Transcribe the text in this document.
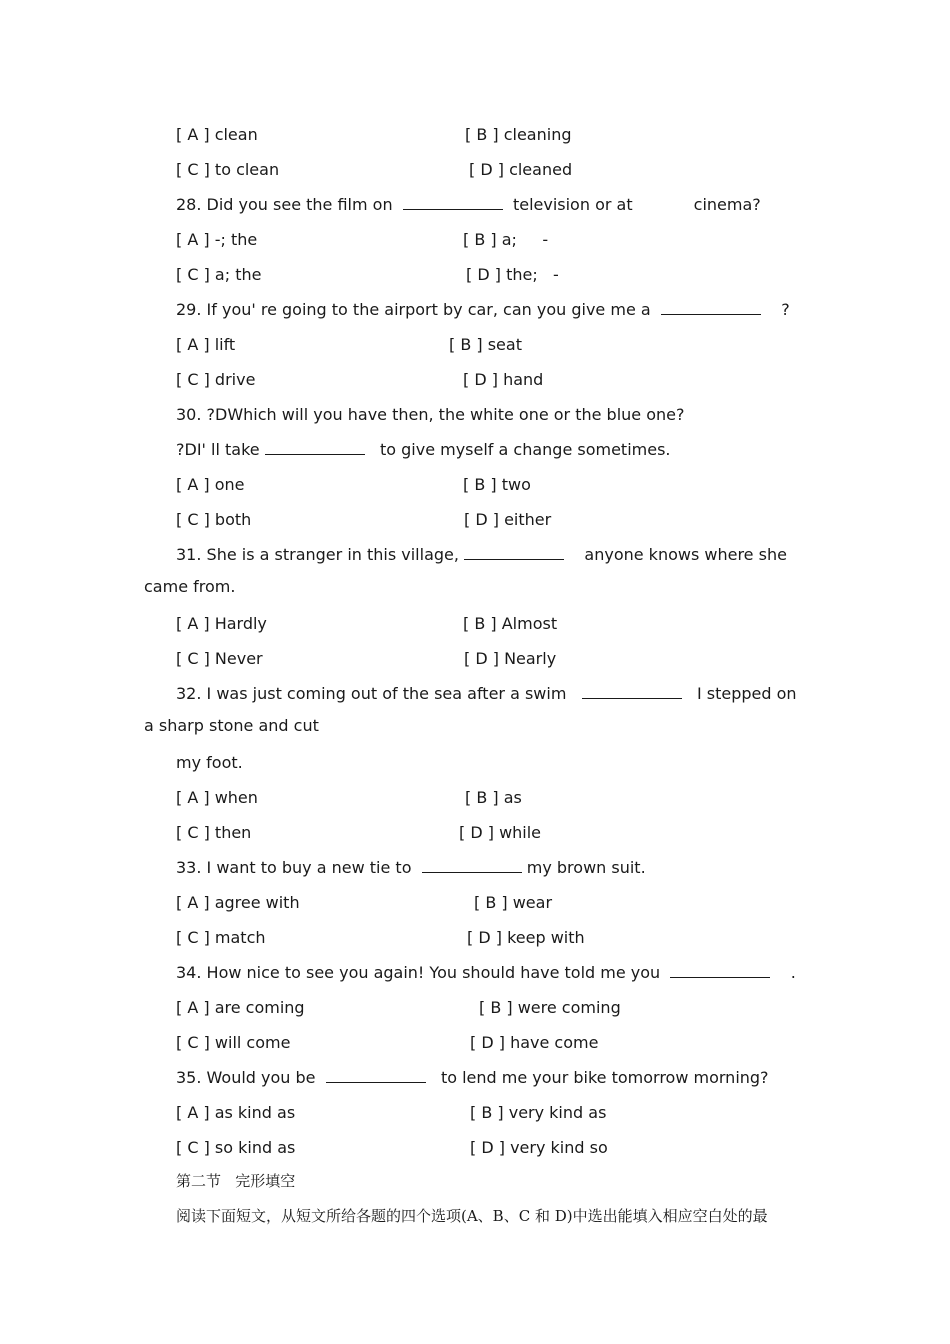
[ A ] clean	[ B ] cleaning
[ C ] to clean	[ D ] cleaned
28. Did you see the film on	television or at	cinema?
[ A ] -; the	[ B ] a;     -
[ C ] a; the	[ D ] the;   -
29. If you' re going to the airport by car, can you give me a	?
[ A ] lift	[ B ] seat
[ C ] drive	[ D ] hand
30. ?DWhich will you have then, the white one or the blue one?
?DI' ll take	to give myself a change sometimes.
[ A ] one	[ B ] two
[ C ] both	[ D ] either
31. She is a stranger in this village,	anyone knows where she
came from.
[ A ] Hardly	[ B ] Almost
[ C ] Never	[ D ] Nearly
32. I was just coming out of the sea after a swim	I stepped on
a sharp stone and cut
my foot.
[ A ] when	[ B ] as
[ C ] then	[ D ] while
33. I want to buy a new tie to	my brown suit.
[ A ] agree with	[ B ] wear
[ C ] match	[ D ] keep with
34. How nice to see you again! You should have told me you	.
[ A ] are coming	[ B ] were coming
[ C ] will come	[ D ] have come
35. Would you be	to lend me your bike tomorrow morning?
[ A ] as kind as	[ B ] very kind as
[ C ] so kind as	[ D ] very kind so
第二节   完形填空
阅读下面短文，从短文所给各题的四个选项(A、B、C 和 D)中选出能填入相应空白处的最
